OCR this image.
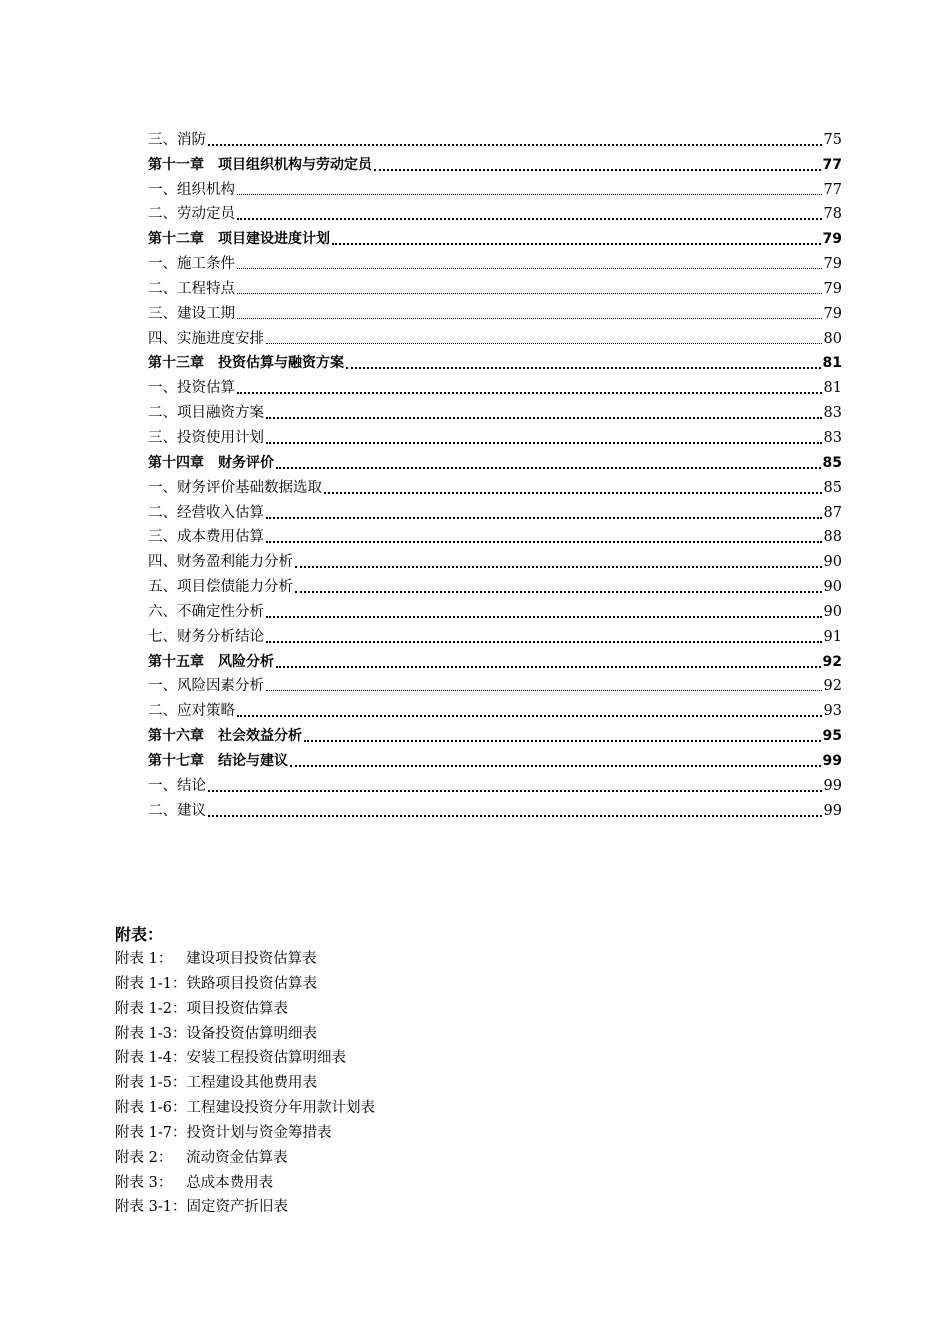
三、消防	75
第十一章　项目组织机构与劳动定员	77
一、组织机构	77
二、劳动定员	78
第十二章　项目建设进度计划	79
一、施工条件	79
二、工程特点	79
三、建设工期	79
四、实施进度安排	80
第十三章　投资估算与融资方案	81
一、投资估算	81
二、项目融资方案	83
三、投资使用计划	83
第十四章　财务评价	85
一、财务评价基础数据选取	85
二、经营收入估算	87
三、成本费用估算	88
四、财务盈利能力分析	90
五、项目偿债能力分析	90
六、不确定性分析	90
七、财务分析结论	91
第十五章　风险分析	92
一、风险因素分析	92
二、应对策略	93
第十六章　社会效益分析	95
第十七章　结论与建议	99
一、结论	99
二、建议	99
附表：
附表 1：   建设项目投资估算表
附表 1-1：铁路项目投资估算表
附表 1-2：项目投资估算表
附表 1-3：设备投资估算明细表
附表 1-4：安装工程投资估算明细表
附表 1-5：工程建设其他费用表
附表 1-6：工程建设投资分年用款计划表
附表 1-7：投资计划与资金筹措表
附表 2：   流动资金估算表
附表 3：   总成本费用表
附表 3-1：固定资产折旧表
